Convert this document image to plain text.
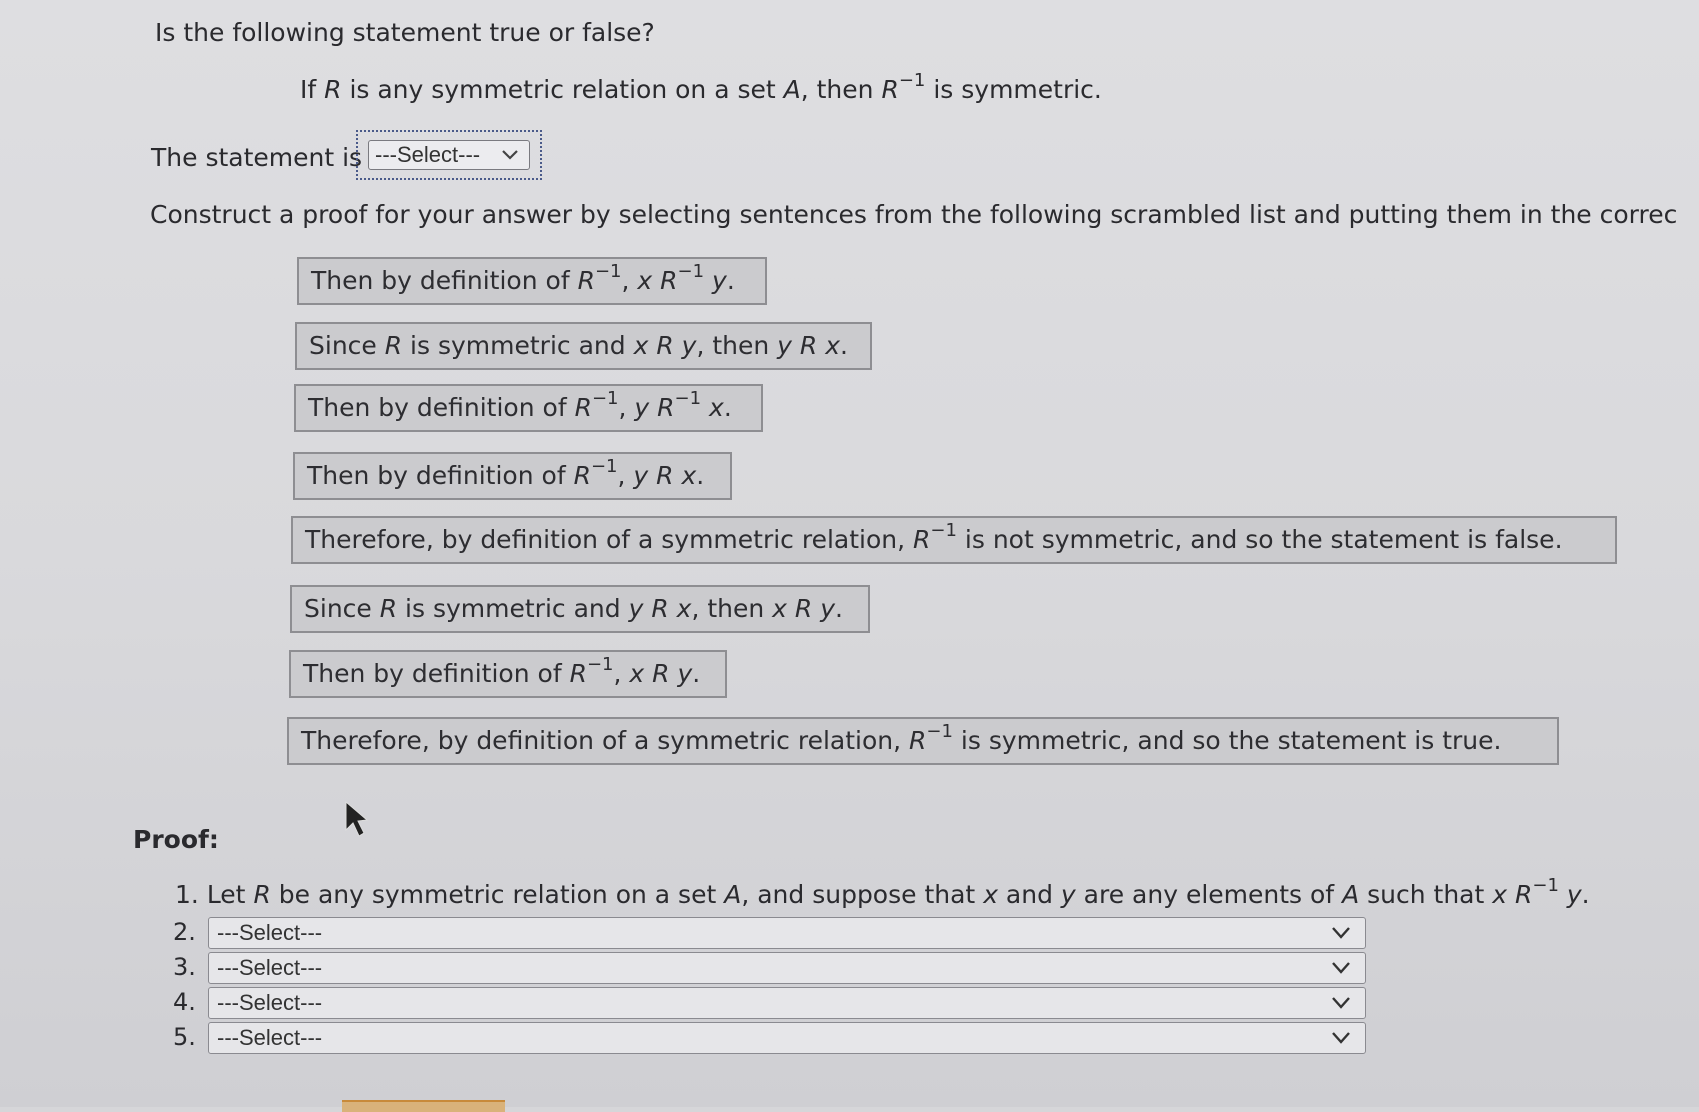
Is the following statement true or false?
If R is any symmetric relation on a set A, then $R^{-1}$ is symmetric.
The statement is ---Select---
Construct a proof for your answer by selecting sentences from the following scrambled list and putting them in the correc
Then by definition of $R^{-1}$, x $R^{-1}$ y.
Since R is symmetric and x R y, then y R x.
Then by definition of $R^{-1}$, y $R^{-1}$ x.
Then by definition of $R^{-1}$, y R x.
Therefore, by definition of a symmetric relation, $R^{-1}$ is not symmetric, and so the statement is false.
Since R is symmetric and y R x, then x R y.
Then by definition of $R^{-1}$, x R y.
Therefore, by definition of a symmetric relation, $R^{-1}$ is symmetric, and so the statement is true.
Proof:
1. Let R be any symmetric relation on a set A, and suppose that x and y are any elements of A such that x $R^{-1}$ y.
2. ---Select---
3. ---Select---
4. ---Select---
5. ---Select---
